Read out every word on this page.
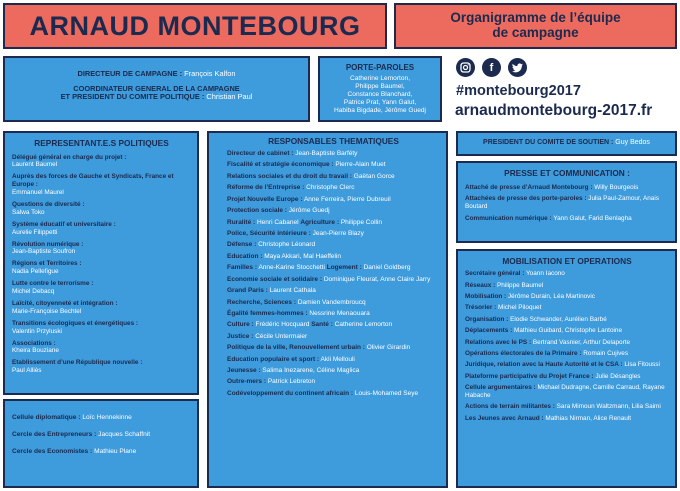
ARNAUD MONTEBOURG	Organigramme de l’équipe
de campagne
DIRECTEUR DE CAMPAGNE : François Kalfon
COORDINATEUR GENERAL DE LA CAMPAGNE
ET PRESIDENT DU COMITE POLITIQUE : Christian Paul
PORTE-PAROLES
Catherine Lemorton,
Philippe Baumel,
Constance Blanchard,
Patrice Prat, Yann Galut,
Habiba Bigdade, Jérôme Guedj
f
#montebourg2017
arnaudmontebourg-2017.fr
REPRESENTANT.E.S POLITIQUES
Délégué général en charge du projet :
Laurent Baumel
Auprès des forces de Gauche et Syndicats, France et Europe :
Emmanuel Maurel
Questions de diversité :
Salwa Toko
Système éducatif et universitaire :
Aurelie Filippetti
Révolution numérique :
Jean-Baptiste Soufron
Régions et Territoires :
Nadia Pellefigue
Lutte contre le terrorisme :
Michel Debacq
Laïcité, citoyenneté et intégration :
Marie-Françoise Bechtel
Transitions écologiques et énergétiques :
Valentin Przyluski
Associations :
Kheira Bouziane
Etablissement d’une République nouvelle :
Paul Alliès
Cellule diplomatique : Loïc Hennekinne
Cercle des Entrepreneurs : Jacques Schaffnit
Cercle des Economistes : Mathieu Plane
RESPONSABLES THEMATIQUES
Directeur de cabinet : Jean-Baptiste Barféty
Fiscalité et stratégie économique : Pierre-Alain Muet
Relations sociales et du droit du travail : Gaëtan Gorce
Réforme de l’Entreprise : Christophe Clerc
Projet Nouvelle Europe : Anne Ferreira, Pierre Dubreuil
Protection sociale : Jérôme Guedj
Ruralité : Henri Cabanel Agriculture : Philippe Collin
Police, Sécurité intérieure : Jean-Pierre Blazy
Défense : Christophe Léonard
Education : Maya Akkari, Mal Haeffelin
Familles : Anne-Karine Stocchetti Logement : Daniel Goldberg
Economie sociale et solidaire : Dominique Fleurat, Anne Claire Jarry
Grand Paris : Laurent Cathala
Recherche, Sciences : Damien Vandembroucq
Égalité femmes-hommes : Nessrine Menaouara
Culture : Frédéric Hocquard Santé : Catherine Lemorton
Justice : Cécile Untermaier
Politique de la ville, Renouvellement urbain : Olivier Girardin
Education populaire et sport : Akli Mellouli
Jeunesse : Salima Inezarene, Céline Maglica
Outre-mers : Patrick Lebreton
Codéveloppement du continent africain : Louis-Mohamed Seye
PRESIDENT DU COMITE DE SOUTIEN : Guy Bedos
PRESSE ET COMMUNICATION :
Attaché de presse d’Arnaud Montebourg : Willy Bourgeois
Attachées de presse des porte-paroles : Julia Paul-Zamour, Anais Boutard
Communication numérique : Yann Galut, Farid Benlagha
MOBILISATION ET OPERATIONS
Secrétaire général : Yoann Iacono
Réseaux : Philippe Baumel
Mobilisation : Jérôme Durain, Léa Martinovic
Trésorier : Michel Piloquet
Organisation : Elodie Schwander, Aurélien Barbé
Déplacements : Mathieu Guibard, Christophe Lantoine
Relations avec le PS : Bertrand Vasnier, Arthur Delaporte
Opérations électorales de la Primaire : Romain Cujives
Juridique, relation avec la Haute Autorité et le CSA : Lisa Fitoussi
Plateforme participative du Projet France : Julie Désangles
Cellule argumentaires : Michael Dudragne, Camille Carraud, Rayane Habache
Actions de terrain militantes : Sara Mimoun Waltzmann, Lilia Saimi
Les Jeunes avec Arnaud : Mathias Nirman, Alice Renault
